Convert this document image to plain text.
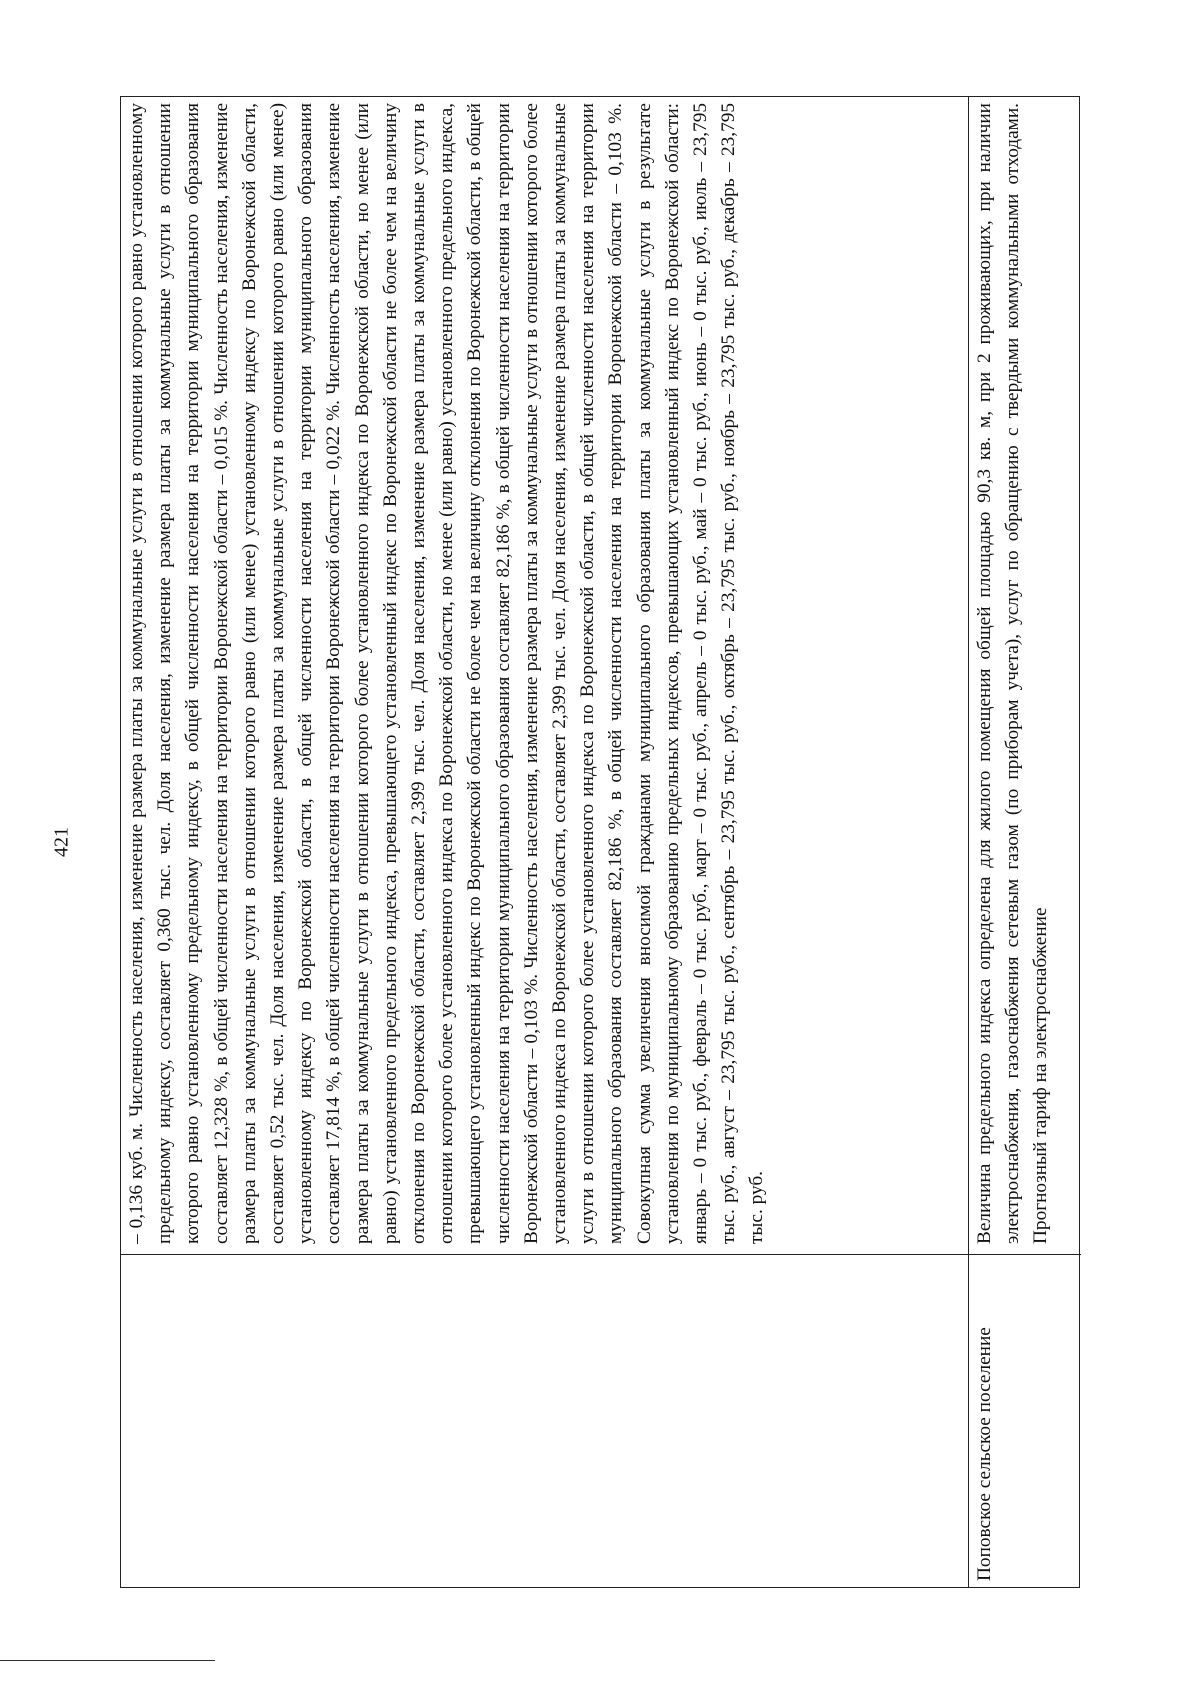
421	– 0,136 куб. м. Численность населения, изменение размера платы за коммунальные услуги в отношении которого равно установленному предельному индексу, составляет 0,360 тыс. чел. Доля населения, изменение размера платы за коммунальные услуги в отношении которого равно установленному предельному индексу, в общей численности населения на территории муниципального образования составляет 12,328 %, в общей численности населения на территории Воронежской области – 0,015 %. Численность населения, изменение размера платы за коммунальные услуги в отношении которого равно (или менее) установленному индексу по Воронежской области, составляет 0,52 тыс. чел. Доля населения, изменение размера платы за коммунальные услуги в отношении которого равно (или менее) установленному индексу по Воронежской области, в общей численности населения на территории муниципального образования составляет 17,814 %, в общей численности населения на территории Воронежской области – 0,022 %. Численность населения, изменение размера платы за коммунальные услуги в отношении которого более установленного индекса по Воронежской области, но менее (или равно) установленного предельного индекса, превышающего установленный индекс по Воронежской области не более чем на величину отклонения по Воронежской области, составляет 2,399 тыс. чел. Доля населения, изменение размера платы за коммунальные услуги в отношении которого более установленного индекса по Воронежской области, но менее (или равно) установленного предельного индекса, превышающего установленный индекс по Воронежской области не более чем на величину отклонения по Воронежской области, в общей численности населения на территории муниципального образования составляет 82,186 %, в общей численности населения на территории Воронежской области – 0,103 %. Численность населения, изменение размера платы за коммунальные услуги в отношении которого более установленного индекса по Воронежской области, составляет 2,399 тыс. чел. Доля населения, изменение размера платы за коммунальные услуги в отношении которого более установленного индекса по Воронежской области, в общей численности населения на территории муниципального образования составляет 82,186 %, в общей численности населения на территории Воронежской области – 0,103 %. Совокупная сумма увеличения вносимой гражданами муниципального образования платы за коммунальные услуги в результате установления по муниципальному образованию предельных индексов, превышающих установленный индекс по Воронежской области: январь – 0 тыс. руб., февраль – 0 тыс. руб., март – 0 тыс. руб., апрель – 0 тыс. руб., май – 0 тыс. руб., июнь – 0 тыс. руб., июль – 23,795 тыс. руб., август – 23,795 тыс. руб., сентябрь – 23,795 тыс. руб., октябрь – 23,795 тыс. руб., ноябрь – 23,795 тыс. руб., декабрь – 23,795 тыс. руб.
Поповское сельское поселение
Величина предельного индекса определена для жилого помещения общей площадью 90,3 кв. м, при 2 проживающих, при наличии электроснабжения, газоснабжения сетевым газом (по приборам учета), услуг по обращению с твердыми коммунальными отходами. Прогнозный тариф на электроснабжение
